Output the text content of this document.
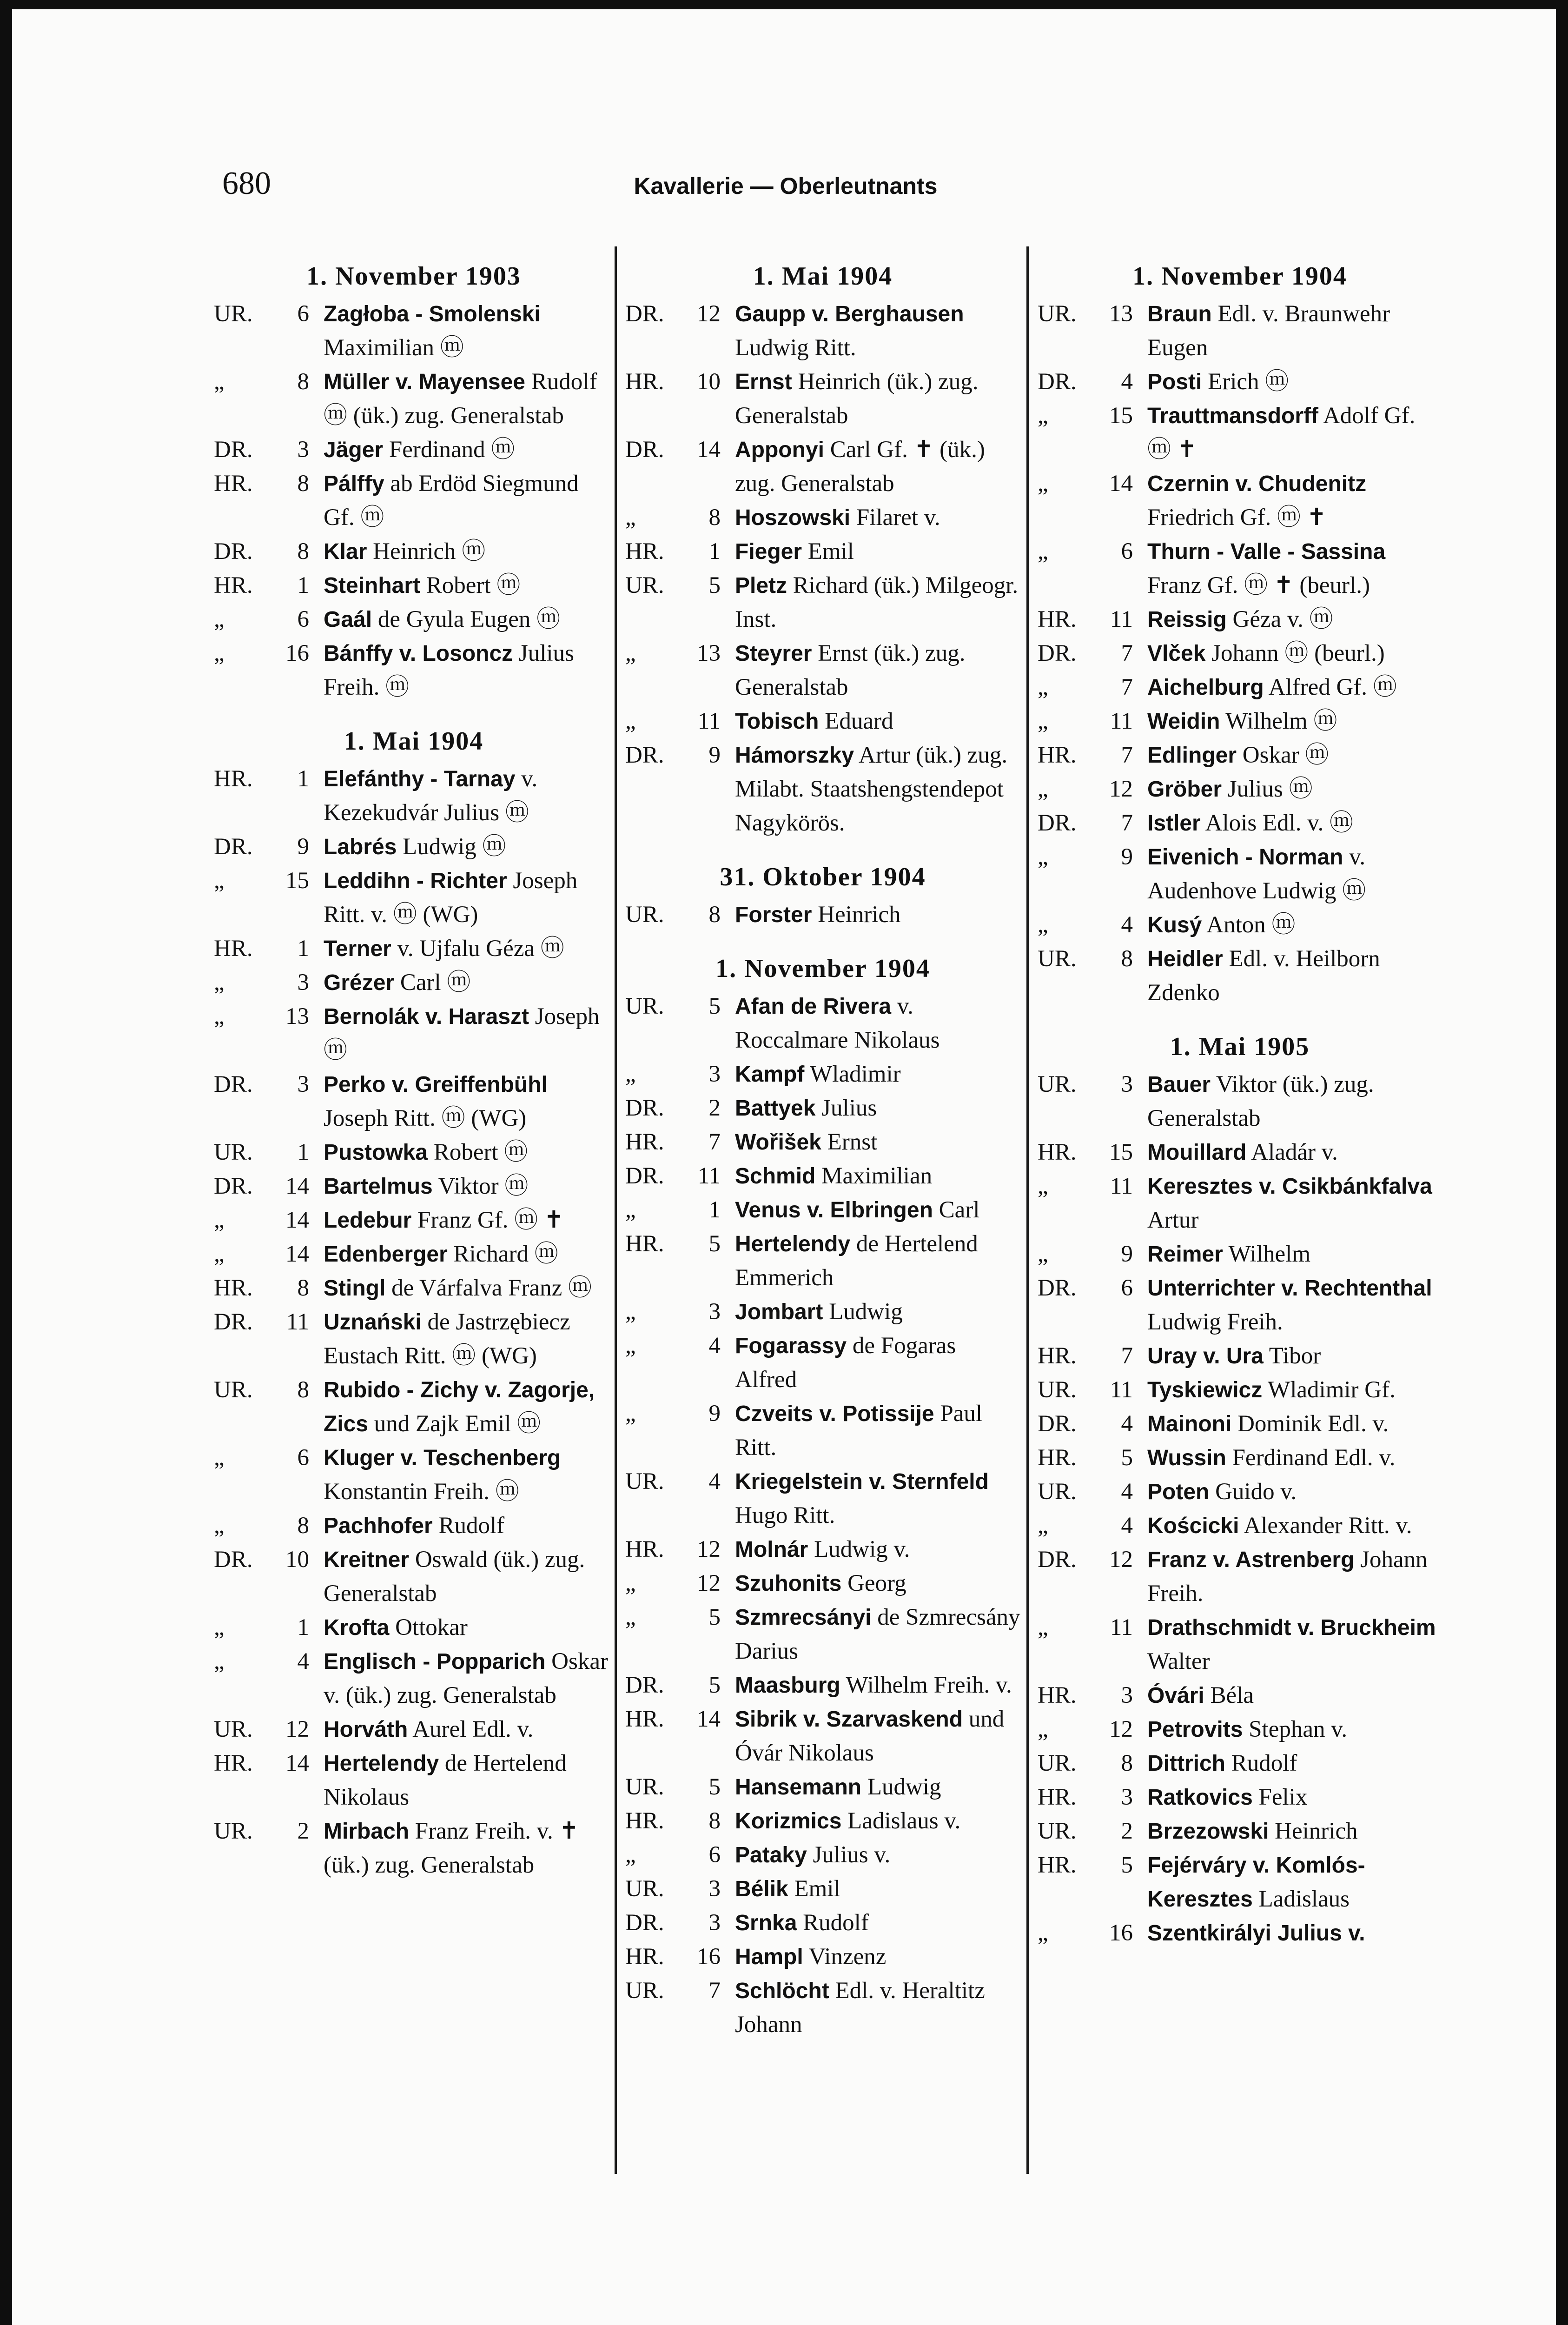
680	Kavallerie — Oberleutnants
1. November 1903
UR.	6 Zagłoba - Smolenski Maximilian ⓜ
„	8 Müller v. Mayensee Rudolf ⓜ (ük.) zug. Generalstab
DR.	3 Jäger Ferdinand ⓜ
HR.	8 Pálffy ab Erdöd Siegmund Gf. ⓜ
DR.	8 Klar Heinrich ⓜ
HR.	1 Steinhart Robert ⓜ
„	6 Gaál de Gyula Eugen ⓜ
„	16 Bánffy v. Losoncz Julius Freih. ⓜ
1. Mai 1904
HR.	1 Elefánthy - Tarnay v. Kezekudvár Julius ⓜ
DR.	9 Labrés Ludwig ⓜ
„	15 Leddihn - Richter Joseph Ritt. v. ⓜ (WG)
HR.	1 Terner v. Ujfalu Géza ⓜ
„	3 Grézer Carl ⓜ
„	13 Bernolák v. Haraszt Joseph ⓜ
DR.	3 Perko v. Greiffenbühl Joseph Ritt. ⓜ (WG)
UR.	1 Pustowka Robert ⓜ
DR.	14 Bartelmus Viktor ⓜ
„	14 Ledebur Franz Gf. ⓜ ✝
„	14 Edenberger Richard ⓜ
HR.	8 Stingl de Várfalva Franz ⓜ
DR.	11 Uznański de Jastrzębiecz Eustach Ritt. ⓜ (WG)
UR.	8 Rubido - Zichy v. Zagorje, Zics und Zajk Emil ⓜ
„	6 Kluger v. Teschenberg Konstantin Freih. ⓜ
„	8 Pachhofer Rudolf
DR.	10 Kreitner Oswald (ük.) zug. Generalstab
„	1 Krofta Ottokar
„	4 Englisch - Popparich Oskar v. (ük.) zug. Generalstab
UR.	12 Horváth Aurel Edl. v.
HR.	14 Hertelendy de Hertelend Nikolaus
UR.	2 Mirbach Franz Freih. v. ✝ (ük.) zug. Generalstab
1. Mai 1904
DR.	12 Gaupp v. Berghausen Ludwig Ritt.
HR.	10 Ernst Heinrich (ük.) zug. Generalstab
DR.	14 Apponyi Carl Gf. ✝ (ük.) zug. Generalstab
„	8 Hoszowski Filaret v.
HR.	1 Fieger Emil
UR.	5 Pletz Richard (ük.) Milgeogr. Inst.
„	13 Steyrer Ernst (ük.) zug. Generalstab
„	11 Tobisch Eduard
DR.	9 Hámorszky Artur (ük.) zug. Milabt. Staatshengstendepot Nagykörös.
31. Oktober 1904
UR.	8 Forster Heinrich
1. November 1904
UR.	5 Afan de Rivera v. Roccalmare Nikolaus
„	3 Kampf Wladimir
DR.	2 Battyek Julius
HR.	7 Wořišek Ernst
DR.	11 Schmid Maximilian
„	1 Venus v. Elbringen Carl
HR.	5 Hertelendy de Hertelend Emmerich
„	3 Jombart Ludwig
„	4 Fogarassy de Fogaras Alfred
„	9 Czveits v. Potissije Paul Ritt.
UR.	4 Kriegelstein v. Sternfeld Hugo Ritt.
HR.	12 Molnár Ludwig v.
„	12 Szuhonits Georg
„	5 Szmrecsányi de Szmrecsány Darius
DR.	5 Maasburg Wilhelm Freih. v.
HR.	14 Sibrik v. Szarvaskend und Óvár Nikolaus
UR.	5 Hansemann Ludwig
HR.	8 Korizmics Ladislaus v.
„	6 Pataky Julius v.
UR.	3 Bélik Emil
DR.	3 Srnka Rudolf
HR.	16 Hampl Vinzenz
UR.	7 Schlöcht Edl. v. Heraltitz Johann
1. November 1904
UR.	13 Braun Edl. v. Braunwehr Eugen
DR.	4 Posti Erich ⓜ
„	15 Trauttmansdorff Adolf Gf. ⓜ ✝
„	14 Czernin v. Chudenitz Friedrich Gf. ⓜ ✝
„	6 Thurn - Valle - Sassina Franz Gf. ⓜ ✝ (beurl.)
HR.	11 Reissig Géza v. ⓜ
DR.	7 Vlček Johann ⓜ (beurl.)
„	7 Aichelburg Alfred Gf. ⓜ
„	11 Weidin Wilhelm ⓜ
HR.	7 Edlinger Oskar ⓜ
„	12 Gröber Julius ⓜ
DR.	7 Istler Alois Edl. v. ⓜ
„	9 Eivenich - Norman v. Audenhove Ludwig ⓜ
„	4 Kusý Anton ⓜ
UR.	8 Heidler Edl. v. Heilborn Zdenko
1. Mai 1905
UR.	3 Bauer Viktor (ük.) zug. Generalstab
HR.	15 Mouillard Aladár v.
„	11 Keresztes v. Csikbánkfalva Artur
„	9 Reimer Wilhelm
DR.	6 Unterrichter v. Rechtenthal Ludwig Freih.
HR.	7 Uray v. Ura Tibor
UR.	11 Tyskiewicz Wladimir Gf.
DR.	4 Mainoni Dominik Edl. v.
HR.	5 Wussin Ferdinand Edl. v.
UR.	4 Poten Guido v.
„	4 Kościcki Alexander Ritt. v.
DR.	12 Franz v. Astrenberg Johann Freih.
„	11 Drathschmidt v. Bruckheim Walter
HR.	3 Óvári Béla
„	12 Petrovits Stephan v.
UR.	8 Dittrich Rudolf
HR.	3 Ratkovics Felix
UR.	2 Brzezowski Heinrich
HR.	5 Fejérváry v. Komlós-Keresztes Ladislaus
„	16 Szentkirályi Julius v.
